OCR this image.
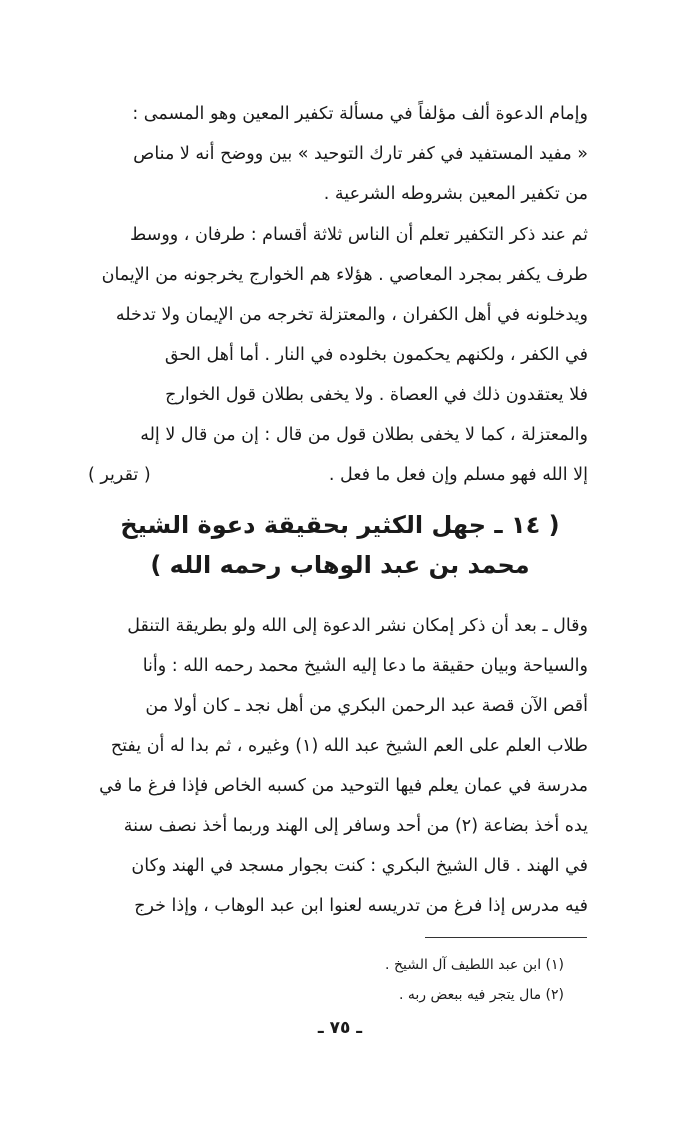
وإمام الدعوة ألف مؤلفاً في مسألة تكفير المعين وهو المسمى :
« مفيد المستفيد في كفر تارك التوحيد » بين ووضح أنه لا مناص
من تكفير المعين بشروطه الشرعية .
ثم عند ذكر التكفير تعلم أن الناس ثلاثة أقسام : طرفان ، ووسط
طرف يكفر بمجرد المعاصي . هؤلاء هم الخوارج يخرجونه من الإيمان
ويدخلونه في أهل الكفران ، والمعتزلة تخرجه من الإيمان ولا تدخله
في الكفر ، ولكنهم يحكمون بخلوده في النار . أما أهل الحق
فلا يعتقدون ذلك في العصاة . ولا يخفى بطلان قول الخوارج
والمعتزلة ، كما لا يخفى بطلان قول من قال : إن من قال لا إله
إلا الله فهو مسلم وإن فعل ما فعل .
( تقرير )
( ١٤ ـ جهل الكثير بحقيقة دعوة الشيخ
محمد بن عبد الوهاب رحمه الله )
وقال ـ بعد أن ذكر إمكان نشر الدعوة إلى الله ولو بطريقة التنقل
والسياحة وبيان حقيقة ما دعا إليه الشيخ محمد رحمه الله : وأنا
أقص الآن قصة عبد الرحمن البكري من أهل نجد ـ كان أولا من
طلاب العلم على العم الشيخ عبد الله (١) وغيره ، ثم بدا له أن يفتح
مدرسة في عمان يعلم فيها التوحيد من كسبه الخاص فإذا فرغ ما في
يده أخذ بضاعة (٢) من أحد وسافر إلى الهند وربما أخذ نصف سنة
في الهند . قال الشيخ البكري : كنت بجوار مسجد في الهند وكان
فيه مدرس إذا فرغ من تدريسه لعنوا ابن عبد الوهاب ، وإذا خرج
(١) ابن عبد اللطيف آل الشيخ .
(٢) مال يتجر فيه ببعض ربه .
ـ ٧٥ ـ
